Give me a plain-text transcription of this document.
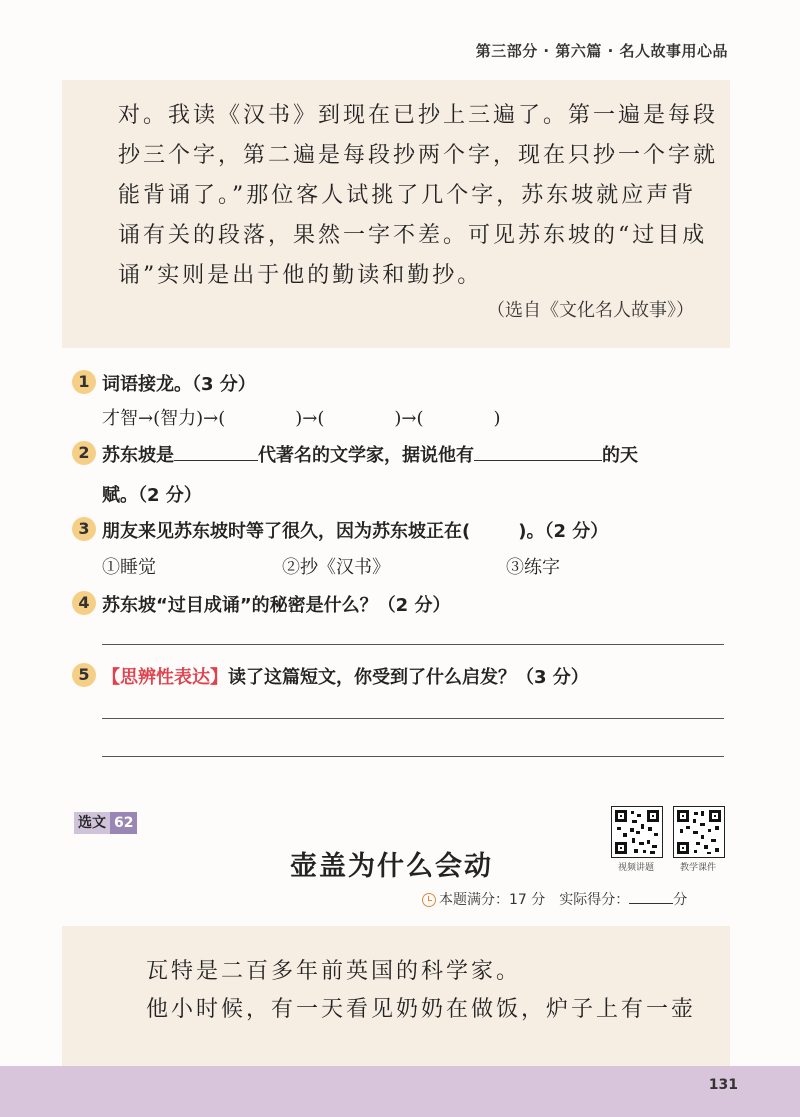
第三部分 · 第六篇 · 名人故事用心品
对。我读《汉书》到现在已抄上三遍了。第一遍是每段
抄三个字，第二遍是每段抄两个字，现在只抄一个字就
能背诵了。”那位客人试挑了几个字，苏东坡就应声背
诵有关的段落，果然一字不差。可见苏东坡的“过目成
诵”实则是出于他的勤读和勤抄。
（选自《文化名人故事》）
1 词语接龙。（3 分）
才智→(智力)→(	)→(	)→(	)
2 苏东坡是	代著名的文学家，据说他有	的天
赋。（2 分）
3 朋友来见苏东坡时等了很久，因为苏东坡正在(	)。（2 分）
①睡觉	②抄《汉书》	③练字
4 苏东坡“过目成诵”的秘密是什么？（2 分）
5 【思辨性表达】读了这篇短文，你受到了什么启发？（3 分）
选文 62
壶盖为什么会动	视频讲题	教学课件
本题满分：17 分　实际得分：	分
瓦特是二百多年前英国的科学家。
他小时候，有一天看见奶奶在做饭，炉子上有一壶
131
